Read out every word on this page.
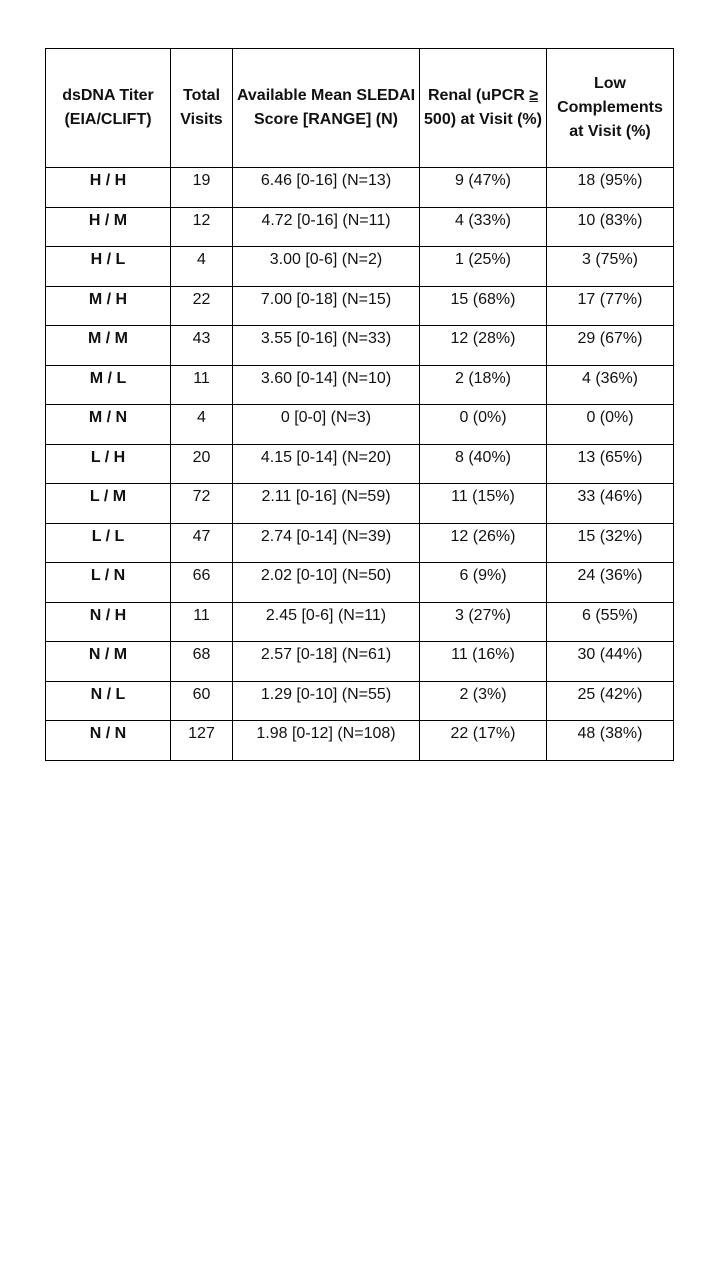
dsDNA Titer (EIA/CLIFT)	Total Visits	Available Mean SLEDAI Score [RANGE] (N)	Renal (uPCR ≥ 500) at Visit (%)	Low Complements at Visit (%)
H / H	19	6.46 [0-16] (N=13)	9 (47%)	18 (95%)
H / M	12	4.72 [0-16] (N=11)	4 (33%)	10 (83%)
H / L	4	3.00 [0-6] (N=2)	1 (25%)	3 (75%)
M / H	22	7.00 [0-18] (N=15)	15 (68%)	17 (77%)
M / M	43	3.55 [0-16] (N=33)	12 (28%)	29 (67%)
M / L	11	3.60 [0-14] (N=10)	2 (18%)	4 (36%)
M / N	4	0 [0-0] (N=3)	0 (0%)	0 (0%)
L / H	20	4.15 [0-14] (N=20)	8 (40%)	13 (65%)
L / M	72	2.11 [0-16] (N=59)	11 (15%)	33 (46%)
L / L	47	2.74 [0-14] (N=39)	12 (26%)	15 (32%)
L / N	66	2.02 [0-10] (N=50)	6 (9%)	24 (36%)
N / H	11	2.45 [0-6] (N=11)	3 (27%)	6 (55%)
N / M	68	2.57 [0-18] (N=61)	11 (16%)	30 (44%)
N / L	60	1.29 [0-10] (N=55)	2 (3%)	25 (42%)
N / N	127	1.98 [0-12] (N=108)	22 (17%)	48 (38%)
